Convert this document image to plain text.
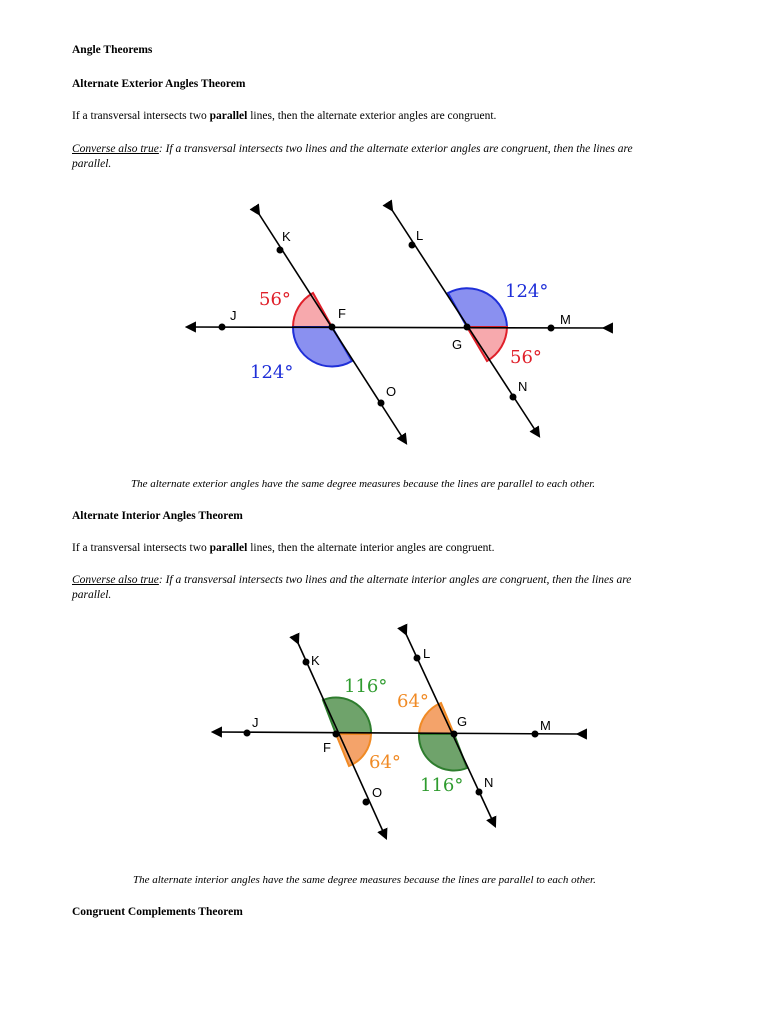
Angle Theorems

Alternate Exterior Angles Theorem

If a transversal intersects two parallel lines, then the alternate exterior angles are congruent.

Converse also true: If a transversal intersects two lines and the alternate exterior angles are congruent, then the lines are

parallel.

K
J	F
O
L
M
G
N
56°
124°
124°
56°

The alternate exterior angles have the same degree measures because the lines are parallel to each other.

Alternate Interior Angles Theorem

If a transversal intersects two parallel lines, then the alternate interior angles are congruent.

Converse also true: If a transversal intersects two lines and the alternate interior angles are congruent, then the lines are

parallel.

K
J
F
O
L
M
G
N
116°
64°
64°
116°

The alternate interior angles have the same degree measures because the lines are parallel to each other.

Congruent Complements Theorem
